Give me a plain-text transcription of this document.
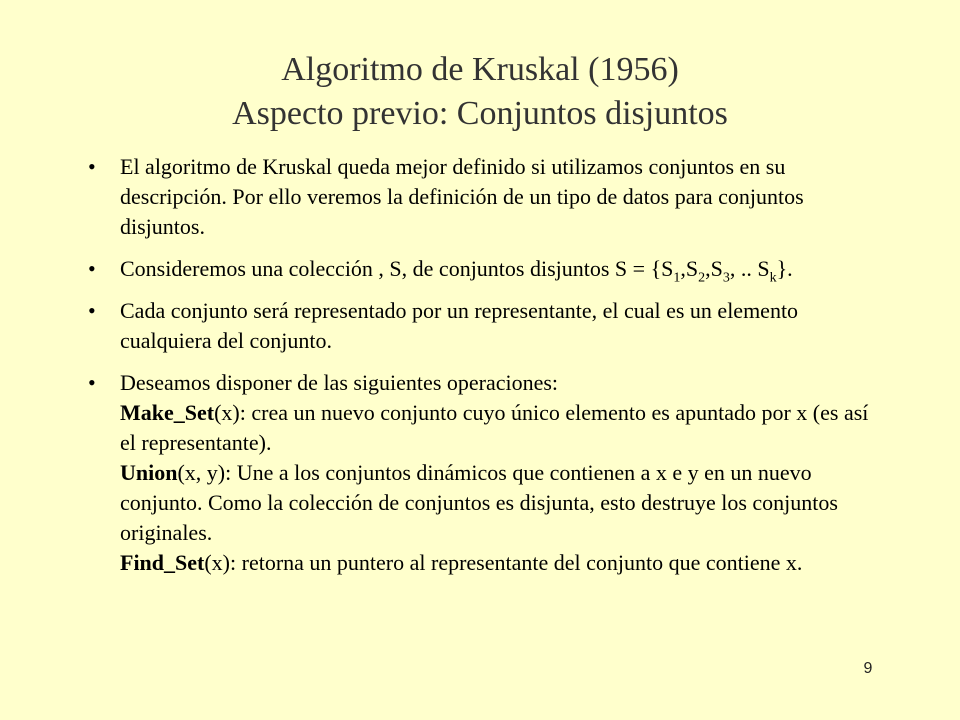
Algoritmo de Kruskal (1956)
Aspecto previo: Conjuntos disjuntos
• El algoritmo de Kruskal queda mejor definido si utilizamos conjuntos en su descripción. Por ello veremos la definición de un tipo de datos para conjuntos disjuntos.
• Consideremos una colección , S, de conjuntos disjuntos $S = \{S_1,S_2,S_3$, .. $S_k$}.
• Cada conjunto será representado por un representante, el cual es un elemento cualquiera del conjunto.
• Deseamos disponer de las siguientes operaciones:
Make_Set(x): crea un nuevo conjunto cuyo único elemento es apuntado por x (es así el representante).
Union(x, y): Une a los conjuntos dinámicos que contienen a x e y en un nuevo conjunto. Como la colección de conjuntos es disjunta, esto destruye los conjuntos originales.
Find_Set(x): retorna un puntero al representante del conjunto que contiene x.
9
